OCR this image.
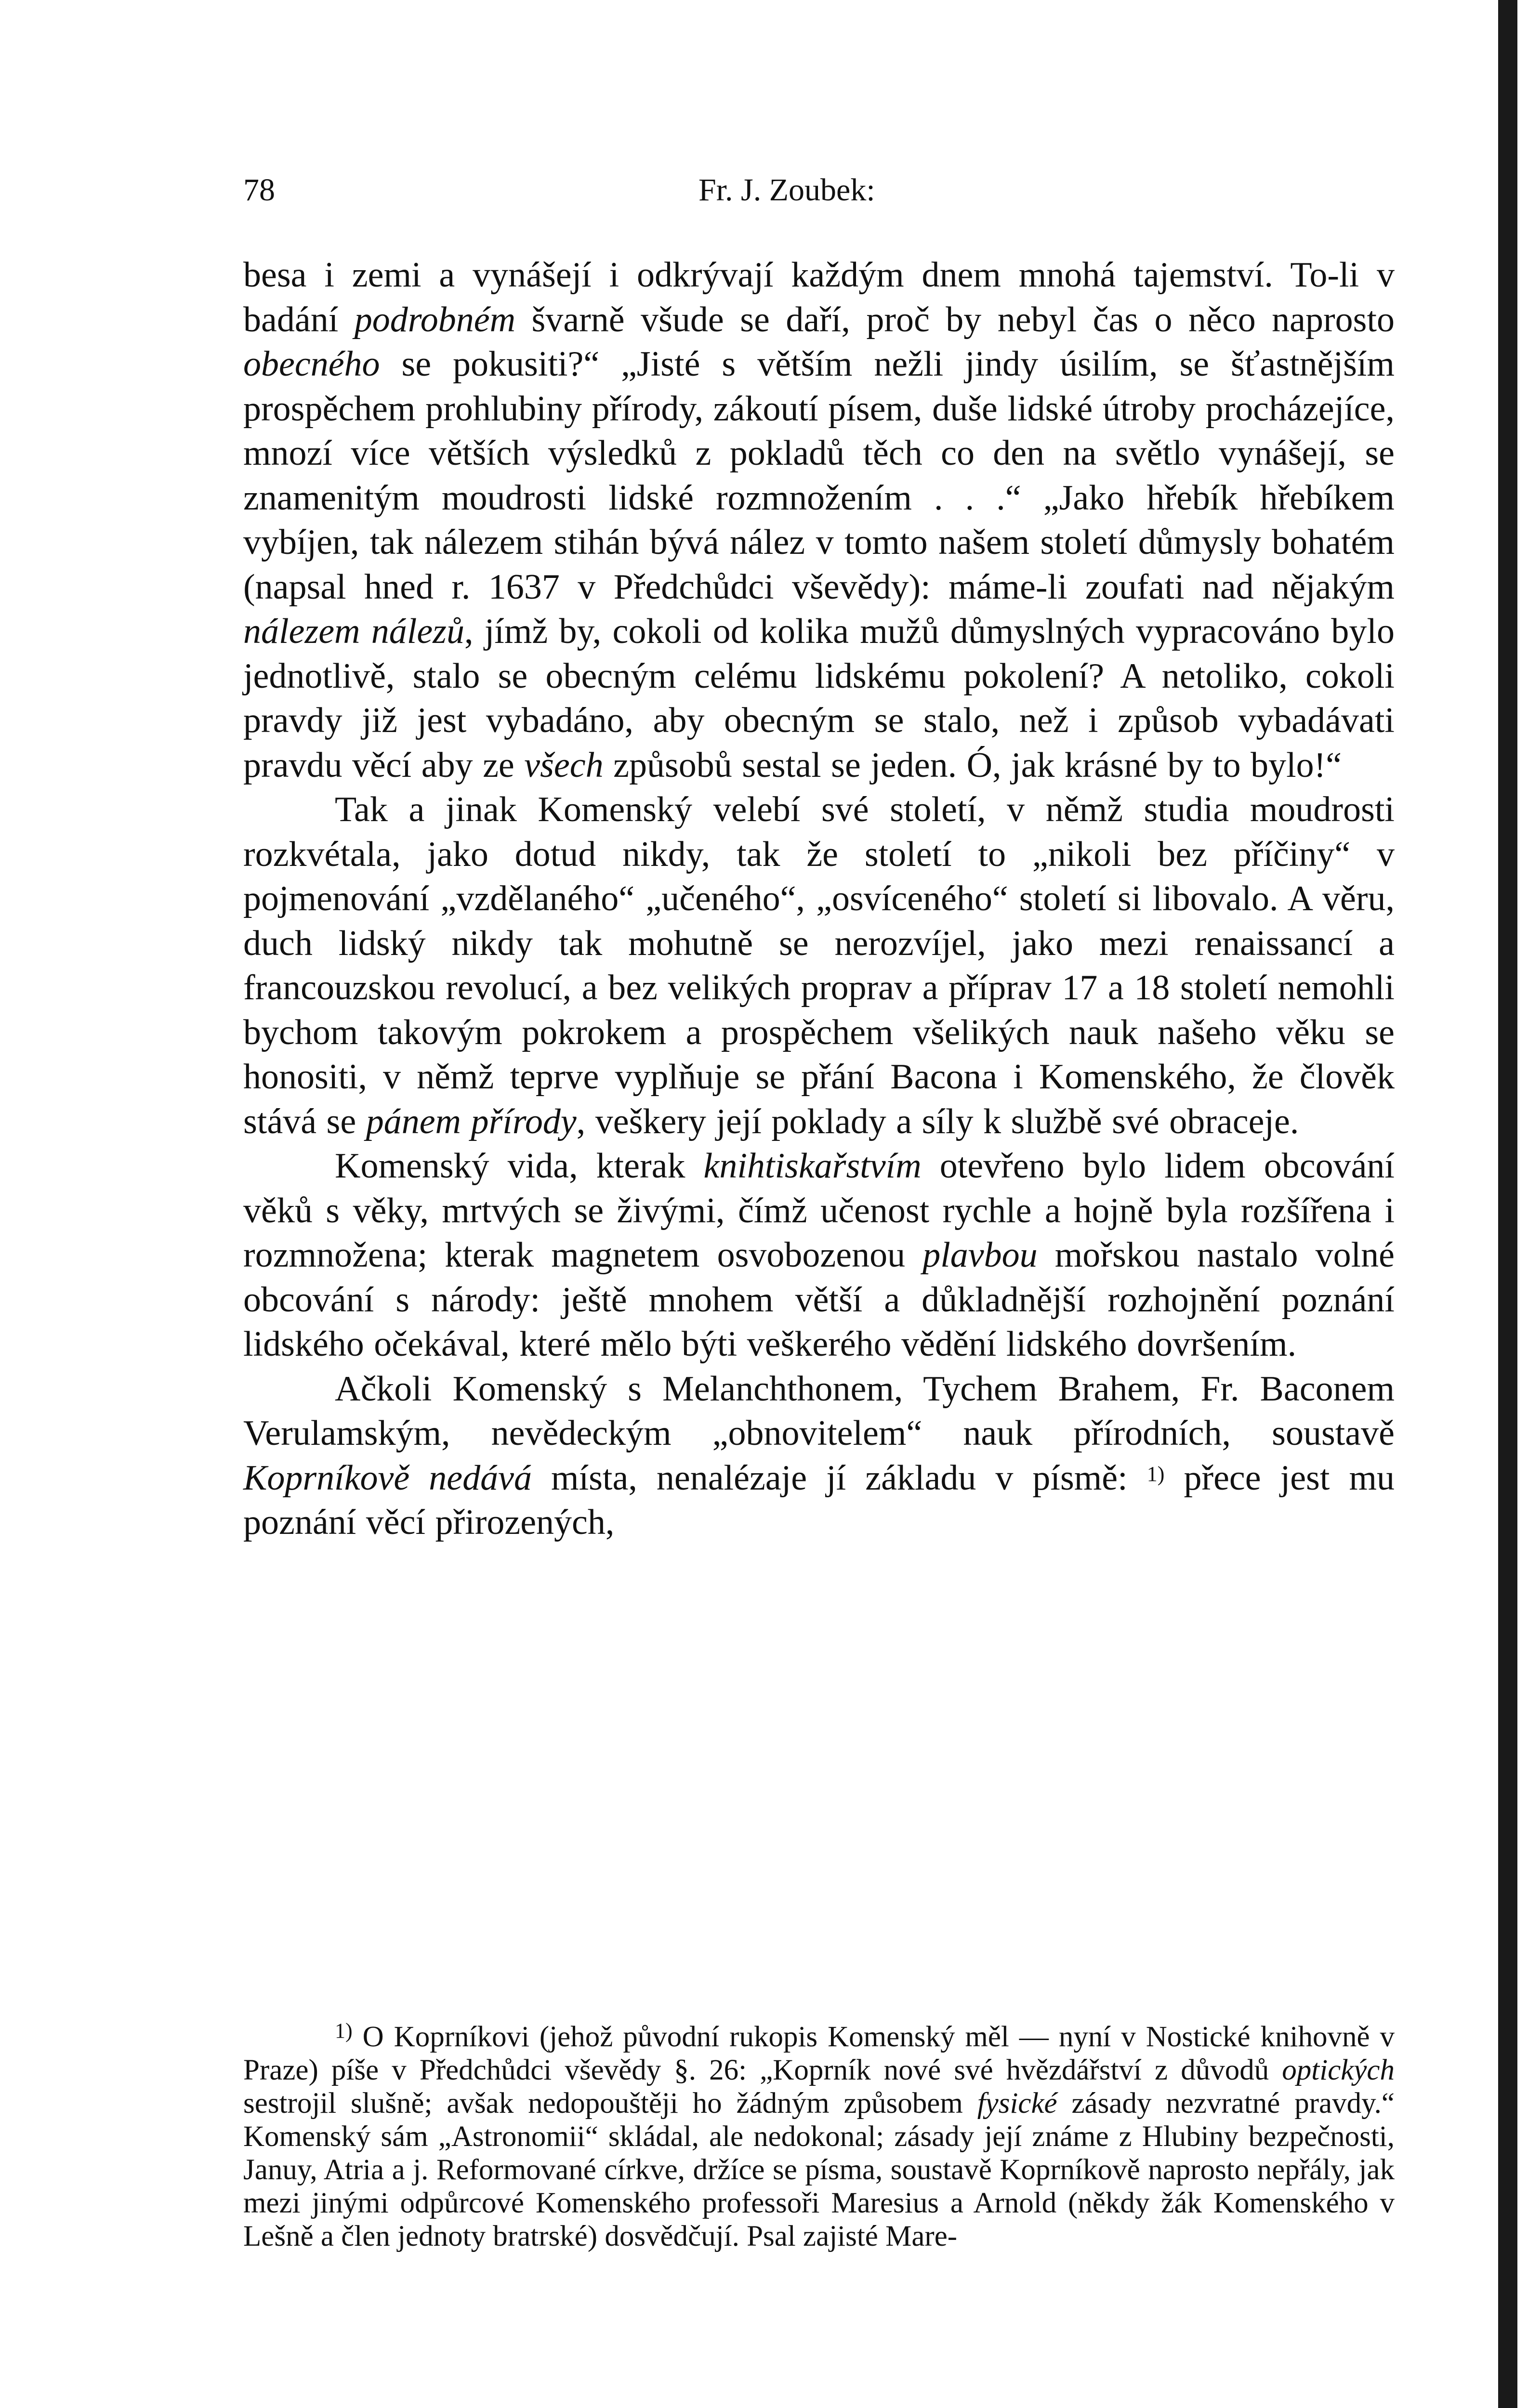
78	Fr. J. Zoubek:

besa i zemi a vynášejí i odkrývají každým dnem mnohá tajemství. To-li v badání podrobném švarně všude se daří, proč by nebyl čas o něco naprosto obecného se pokusiti?“ „Jisté s větším nežli jindy úsilím, se šťastnějším prospěchem prohlubiny přírody, zákoutí písem, duše lidské útroby procházejíce, mnozí více větších výsledků z pokladů těch co den na světlo vynášejí, se znamenitým moudrosti lidské rozmnožením . . .“ „Jako hřebík hřebíkem vybíjen, tak nálezem stihán bývá nález v tomto našem století důmysly bohatém (napsal hned r. 1637 v Předchůdci vševědy): máme-li zoufati nad nějakým nálezem nálezů, jímž by, cokoli od kolika mužů důmyslných vypracováno bylo jednotlivě, stalo se obecným celému lidskému pokolení? A netoliko, cokoli pravdy již jest vybadáno, aby obecným se stalo, než i způsob vybadávati pravdu věcí aby ze všech způsobů sestal se jeden. Ó, jak krásné by to bylo!“

Tak a jinak Komenský velebí své století, v němž studia moudrosti rozkvétala, jako dotud nikdy, tak že století to „nikoli bez příčiny“ v pojmenování „vzdělaného“ „učeného“, „osvíceného“ století si libovalo. A věru, duch lidský nikdy tak mohutně se nerozvíjel, jako mezi renaissancí a francouzskou revolucí, a bez velikých proprav a příprav 17 a 18 století nemohli bychom takovým pokrokem a prospěchem všelikých nauk našeho věku se honositi, v němž teprve vyplňuje se přání Bacona i Komenského, že člověk stává se pánem přírody, veškery její poklady a síly k službě své obraceje.

Komenský vida, kterak knihtiskařstvím otevřeno bylo lidem obcování věků s věky, mrtvých se živými, čímž učenost rychle a hojně byla rozšířena i rozmnožena; kterak magnetem osvobozenou plavbou mořskou nastalo volné obcování s národy: ještě mnohem větší a důkladnější rozhojnění poznání lidského očekával, které mělo býti veškerého vědění lidského dovršením.

Ačkoli Komenský s Melanchthonem, Tychem Brahem, Fr. Baconem Verulamským, nevědeckým „obnovitelem“ nauk přírodních, soustavě Koprníkově nedává místa, nenalézaje jí základu v písmě: $^{1)}$ přece jest mu poznání věcí přirozených,

$^{1)}$ O Koprníkovi (jehož původní rukopis Komenský měl — nyní v Nostické knihovně v Praze) píše v Předchůdci vševědy §. 26: „Koprník nové své hvězdářství z důvodů optických sestrojil slušně; avšak nedopouštěji ho žádným způsobem fysické zásady nezvratné pravdy.“ Komenský sám „Astronomii“ skládal, ale nedokonal; zásady její známe z Hlubiny bezpečnosti, Januy, Atria a j. Reformované církve, držíce se písma, soustavě Koprníkově naprosto nepřály, jak mezi jinými odpůrcové Komenského professoři Maresius a Arnold (někdy žák Komenského v Lešně a člen jednoty bratrské) dosvědčují. Psal zajisté Mare-
